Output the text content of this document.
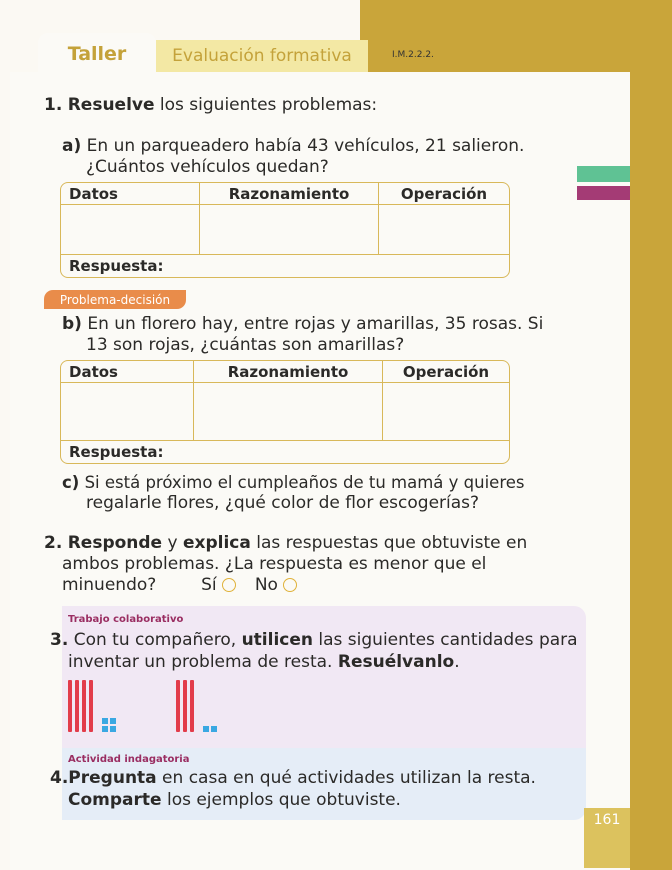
Taller	Evaluación formativa	I.M.2.2.2.
1. Resuelve los siguientes problemas:
a) En un parqueadero había 43 vehículos, 21 salieron.
¿Cuántos vehículos quedan?
Datos	Razonamiento	Operación

Respuesta:		
Problema-decisión
b) En un florero hay, entre rojas y amarillas, 35 rosas. Si
13 son rojas, ¿cuántas son amarillas?
Datos	Razonamiento	Operación

Respuesta:		
c) Si está próximo el cumpleaños de tu mamá y quieres
regalarle flores, ¿qué color de flor escogerías?
2. Responde y explica las respuestas que obtuviste en
ambos problemas. ¿La respuesta es menor que el
minuendo?	Sí No
Trabajo colaborativo
3. Con tu compañero, utilicen las siguientes cantidades para
inventar un problema de resta. Resuélvanlo.
Actividad indagatoria
4.Pregunta en casa en qué actividades utilizan la resta.
Comparte los ejemplos que obtuviste.
161
